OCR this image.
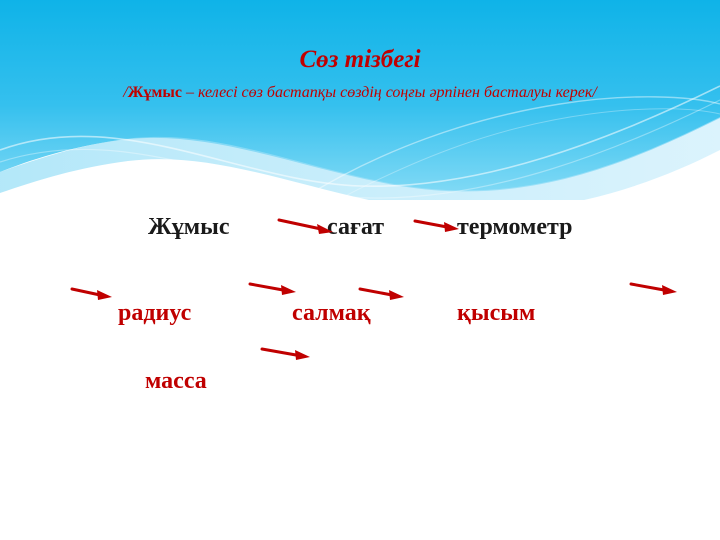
Сөз тізбегі
/Жұмыс – келесі сөз бастапқы сөздің соңғы әрпінен басталуы керек/
Жұмыс	сағат	термометр
радиус	салмақ	қысым
масса
